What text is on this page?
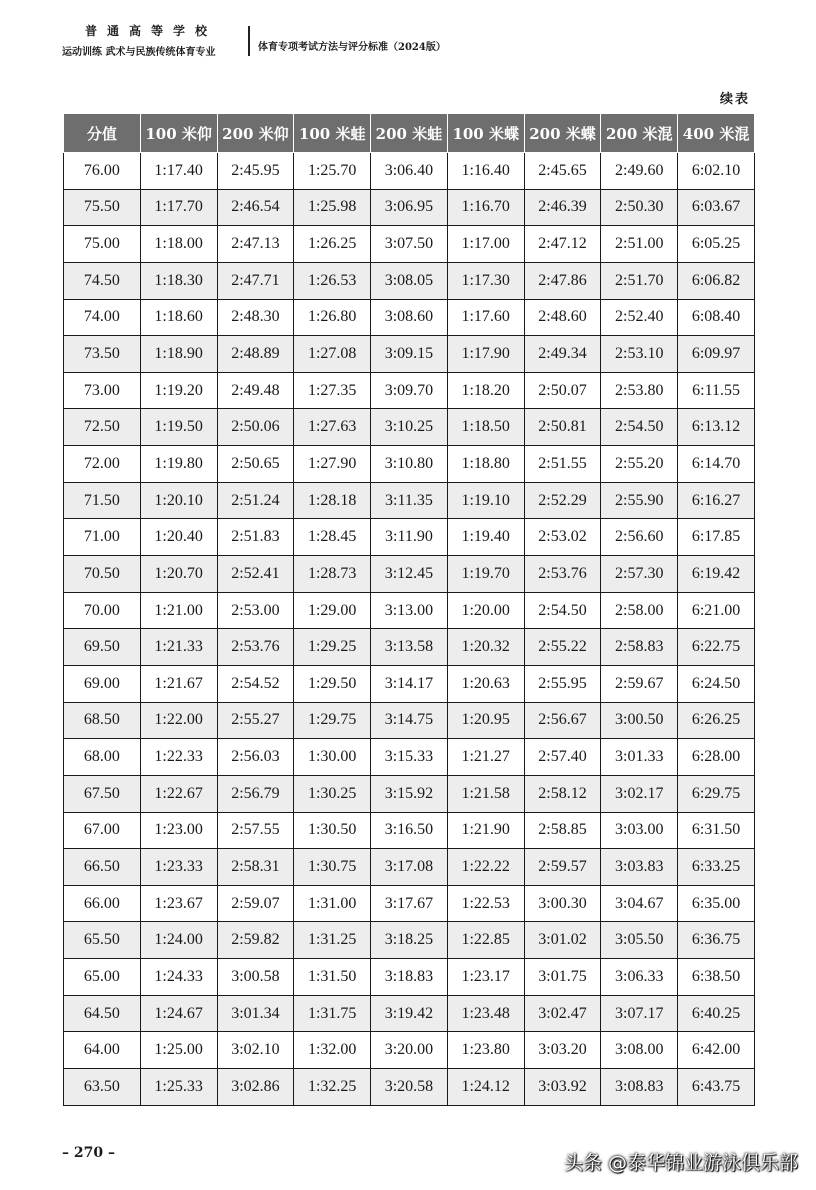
普通高等学校
运动训练 武术与民族传统体育专业	体育专项考试方法与评分标准（2024版）
续表
分值	100 米仰	200 米仰	100 米蛙	200 米蛙	100 米蝶	200 米蝶	200 米混	400 米混
76.00	1:17.40	2:45.95	1:25.70	3:06.40	1:16.40	2:45.65	2:49.60	6:02.10
75.50	1:17.70	2:46.54	1:25.98	3:06.95	1:16.70	2:46.39	2:50.30	6:03.67
75.00	1:18.00	2:47.13	1:26.25	3:07.50	1:17.00	2:47.12	2:51.00	6:05.25
74.50	1:18.30	2:47.71	1:26.53	3:08.05	1:17.30	2:47.86	2:51.70	6:06.82
74.00	1:18.60	2:48.30	1:26.80	3:08.60	1:17.60	2:48.60	2:52.40	6:08.40
73.50	1:18.90	2:48.89	1:27.08	3:09.15	1:17.90	2:49.34	2:53.10	6:09.97
73.00	1:19.20	2:49.48	1:27.35	3:09.70	1:18.20	2:50.07	2:53.80	6:11.55
72.50	1:19.50	2:50.06	1:27.63	3:10.25	1:18.50	2:50.81	2:54.50	6:13.12
72.00	1:19.80	2:50.65	1:27.90	3:10.80	1:18.80	2:51.55	2:55.20	6:14.70
71.50	1:20.10	2:51.24	1:28.18	3:11.35	1:19.10	2:52.29	2:55.90	6:16.27
71.00	1:20.40	2:51.83	1:28.45	3:11.90	1:19.40	2:53.02	2:56.60	6:17.85
70.50	1:20.70	2:52.41	1:28.73	3:12.45	1:19.70	2:53.76	2:57.30	6:19.42
70.00	1:21.00	2:53.00	1:29.00	3:13.00	1:20.00	2:54.50	2:58.00	6:21.00
69.50	1:21.33	2:53.76	1:29.25	3:13.58	1:20.32	2:55.22	2:58.83	6:22.75
69.00	1:21.67	2:54.52	1:29.50	3:14.17	1:20.63	2:55.95	2:59.67	6:24.50
68.50	1:22.00	2:55.27	1:29.75	3:14.75	1:20.95	2:56.67	3:00.50	6:26.25
68.00	1:22.33	2:56.03	1:30.00	3:15.33	1:21.27	2:57.40	3:01.33	6:28.00
67.50	1:22.67	2:56.79	1:30.25	3:15.92	1:21.58	2:58.12	3:02.17	6:29.75
67.00	1:23.00	2:57.55	1:30.50	3:16.50	1:21.90	2:58.85	3:03.00	6:31.50
66.50	1:23.33	2:58.31	1:30.75	3:17.08	1:22.22	2:59.57	3:03.83	6:33.25
66.00	1:23.67	2:59.07	1:31.00	3:17.67	1:22.53	3:00.30	3:04.67	6:35.00
65.50	1:24.00	2:59.82	1:31.25	3:18.25	1:22.85	3:01.02	3:05.50	6:36.75
65.00	1:24.33	3:00.58	1:31.50	3:18.83	1:23.17	3:01.75	3:06.33	6:38.50
64.50	1:24.67	3:01.34	1:31.75	3:19.42	1:23.48	3:02.47	3:07.17	6:40.25
64.00	1:25.00	3:02.10	1:32.00	3:20.00	1:23.80	3:03.20	3:08.00	6:42.00
63.50	1:25.33	3:02.86	1:32.25	3:20.58	1:24.12	3:03.92	3:08.83	6:43.75
– 270 –	头条 @泰华锦业游泳俱乐部
